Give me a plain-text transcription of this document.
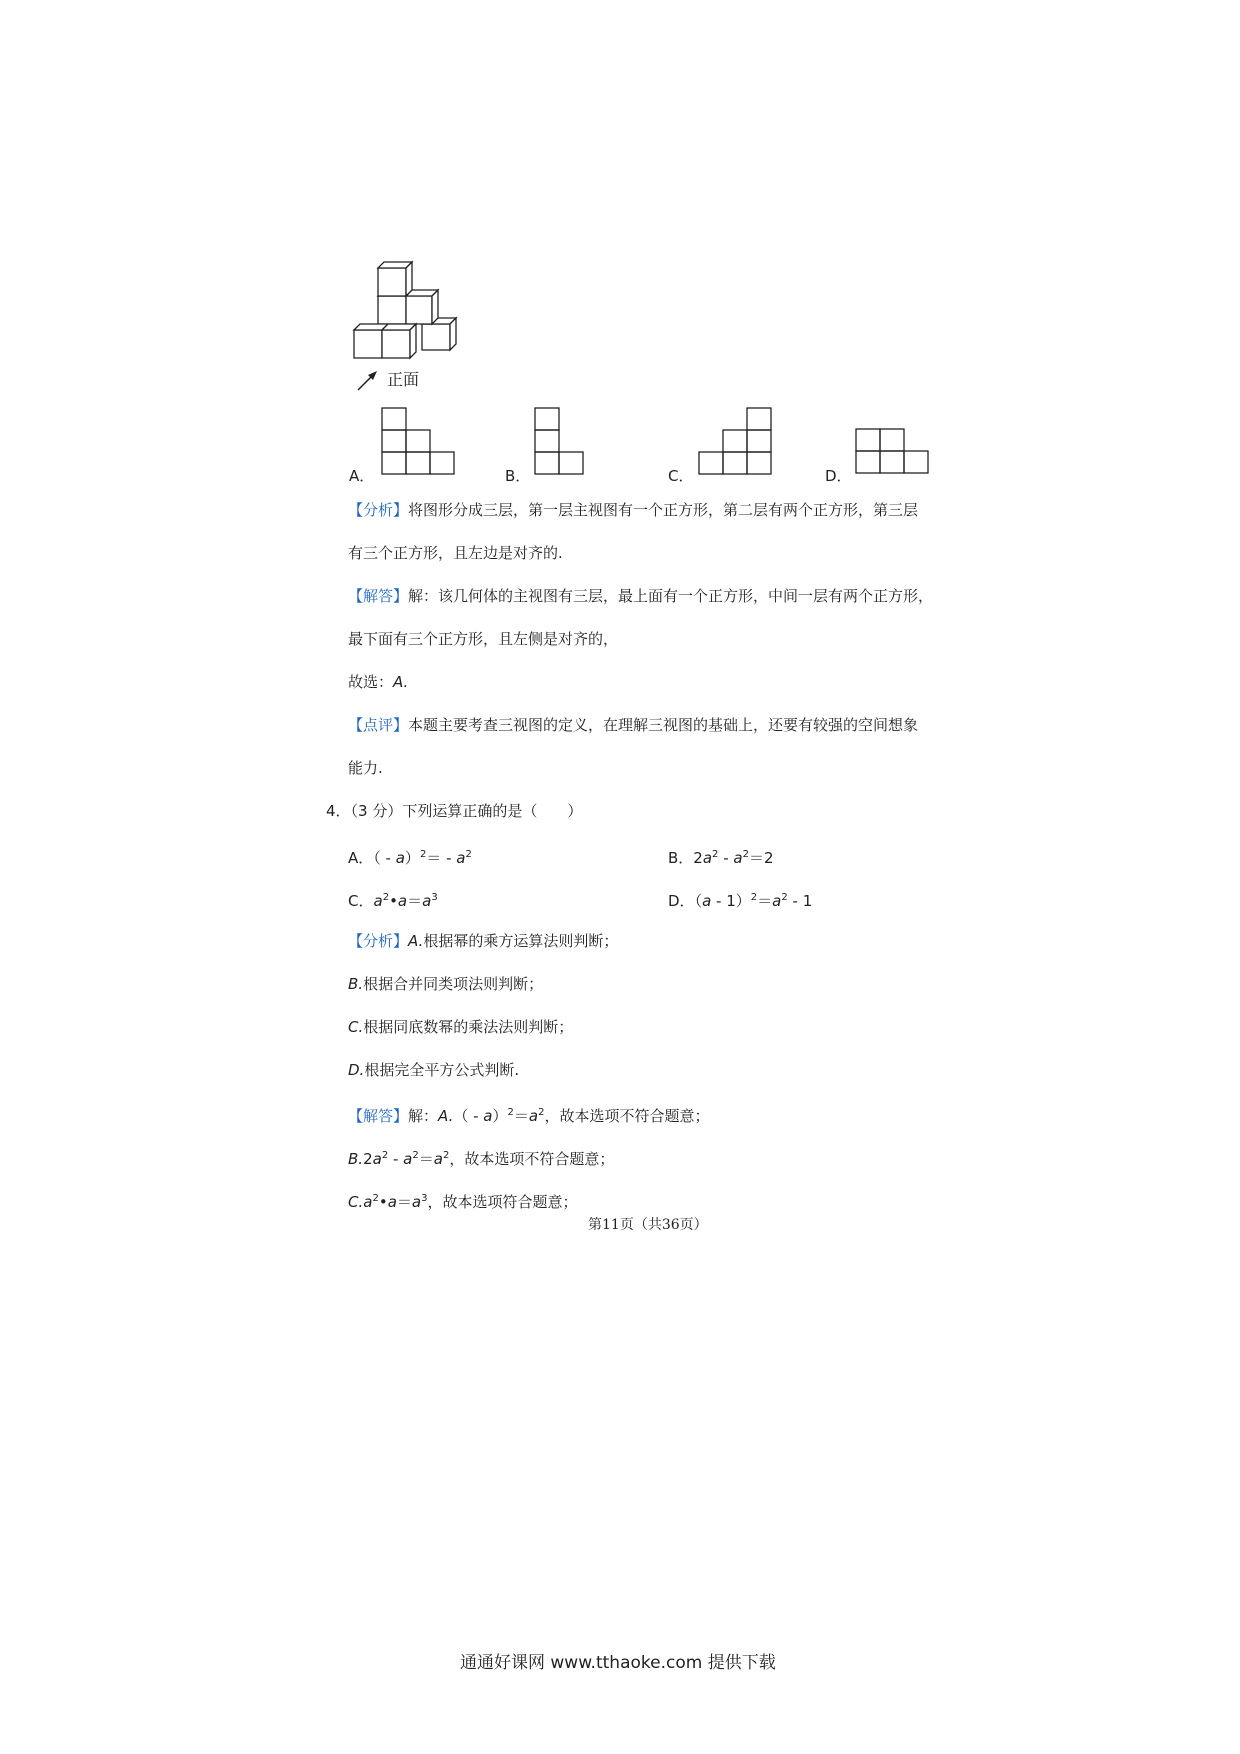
正面
A．	B．	C．	D．
【分析】将图形分成三层，第一层主视图有一个正方形，第二层有两个正方形，第三层
有三个正方形，且左边是对齐的.
【解答】解：该几何体的主视图有三层，最上面有一个正方形，中间一层有两个正方形，
最下面有三个正方形，且左侧是对齐的，
故选：A.
【点评】本题主要考查三视图的定义，在理解三视图的基础上，还要有较强的空间想象
能力.
4．（3 分）下列运算正确的是（　　）
A．（ - $a)^2= - a^2$	B．$2a^2 - a^2=2$
C．$a^2•a=a^3$	D．$(a - 1)^2=a^2 - 1$
【分析】A.根据幂的乘方运算法则判断；
B.根据合并同类项法则判断；
C.根据同底数幂的乘法法则判断；
D.根据完全平方公式判断.
【解答】解：$A.( - a)^2=a^2$，故本选项不符合题意；
$B.2a^2 - a^2=a^2$，故本选项不符合题意；
$C.a^2•a=a^3$，故本选项符合题意；
第11页（共36页）
通通好课网 www.tthaoke.com 提供下载
